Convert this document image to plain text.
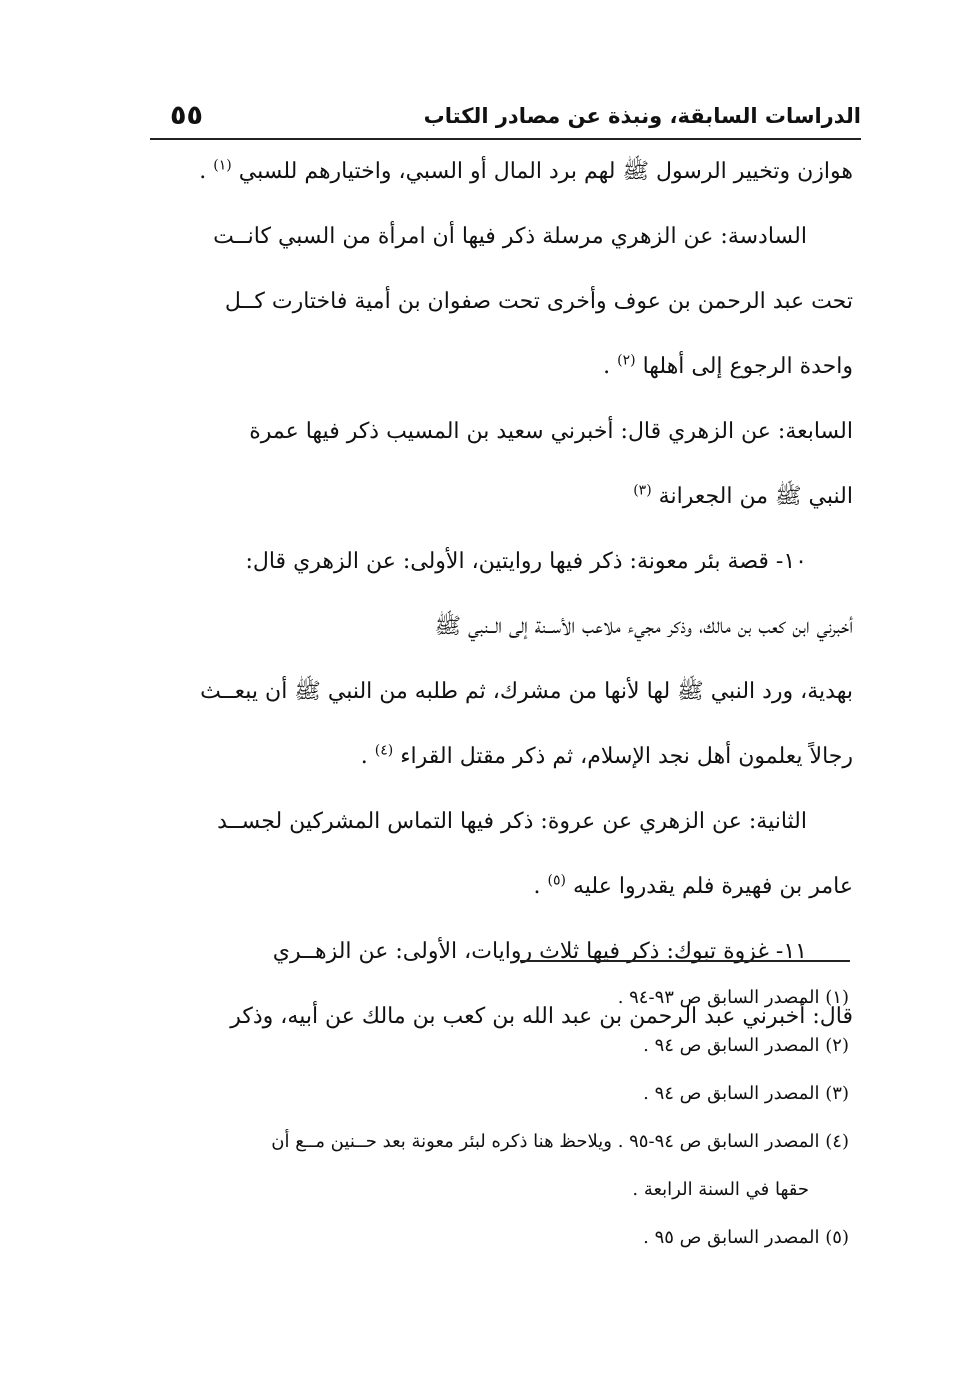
٥٥	الدراسات السابقة، ونبذة عن مصادر الكتاب

هوازن وتخيير الرسول ﷺ لهم برد المال أو السبي، واختيارهم للسبي $^{(١)}$ .

السادسة: عن الزهري مرسلة ذكر فيها أن امرأة من السبي كانــت

تحت عبد الرحمن بن عوف وأخرى تحت صفوان بن أمية فاختارت كــل

واحدة الرجوع إلى أهلها $^{(٢)}$ .

السابعة: عن الزهري قال: أخبرني سعيد بن المسيب ذكر فيها عمرة

النبي ﷺ من الجعرانة $^{(٣)}$

١٠- قصة بئر معونة: ذكر فيها روايتين، الأولى: عن الزهري قال:

أخبرني ابن كعب بن مالك، وذكر مجيء ملاعب الأســنة إلى الــنبي ﷺ

بهدية، ورد النبي ﷺ لها لأنها من مشرك، ثم طلبه من النبي ﷺ أن يبعــث

رجالاً يعلمون أهل نجد الإسلام، ثم ذكر مقتل القراء $^{(٤)}$ .

الثانية: عن الزهري عن عروة: ذكر فيها التماس المشركين لجســد

عامر بن فهيرة فلم يقدروا عليه $^{(٥)}$ .

١١- غزوة تبوك: ذكر فيها ثلاث روايات، الأولى: عن الزهــري

قال: أخبرني عبد الرحمن بن عبد الله بن كعب بن مالك عن أبيه، وذكر

(١) المصدر السابق ص ٩٣-٩٤ .
(٢) المصدر السابق ص ٩٤ .
(٣) المصدر السابق ص ٩٤ .
(٤) المصدر السابق ص ٩٤-٩٥ . ويلاحظ هنا ذكره لبئر معونة بعد حــنين مــع أن
حقها في السنة الرابعة .
(٥) المصدر السابق ص ٩٥ .
